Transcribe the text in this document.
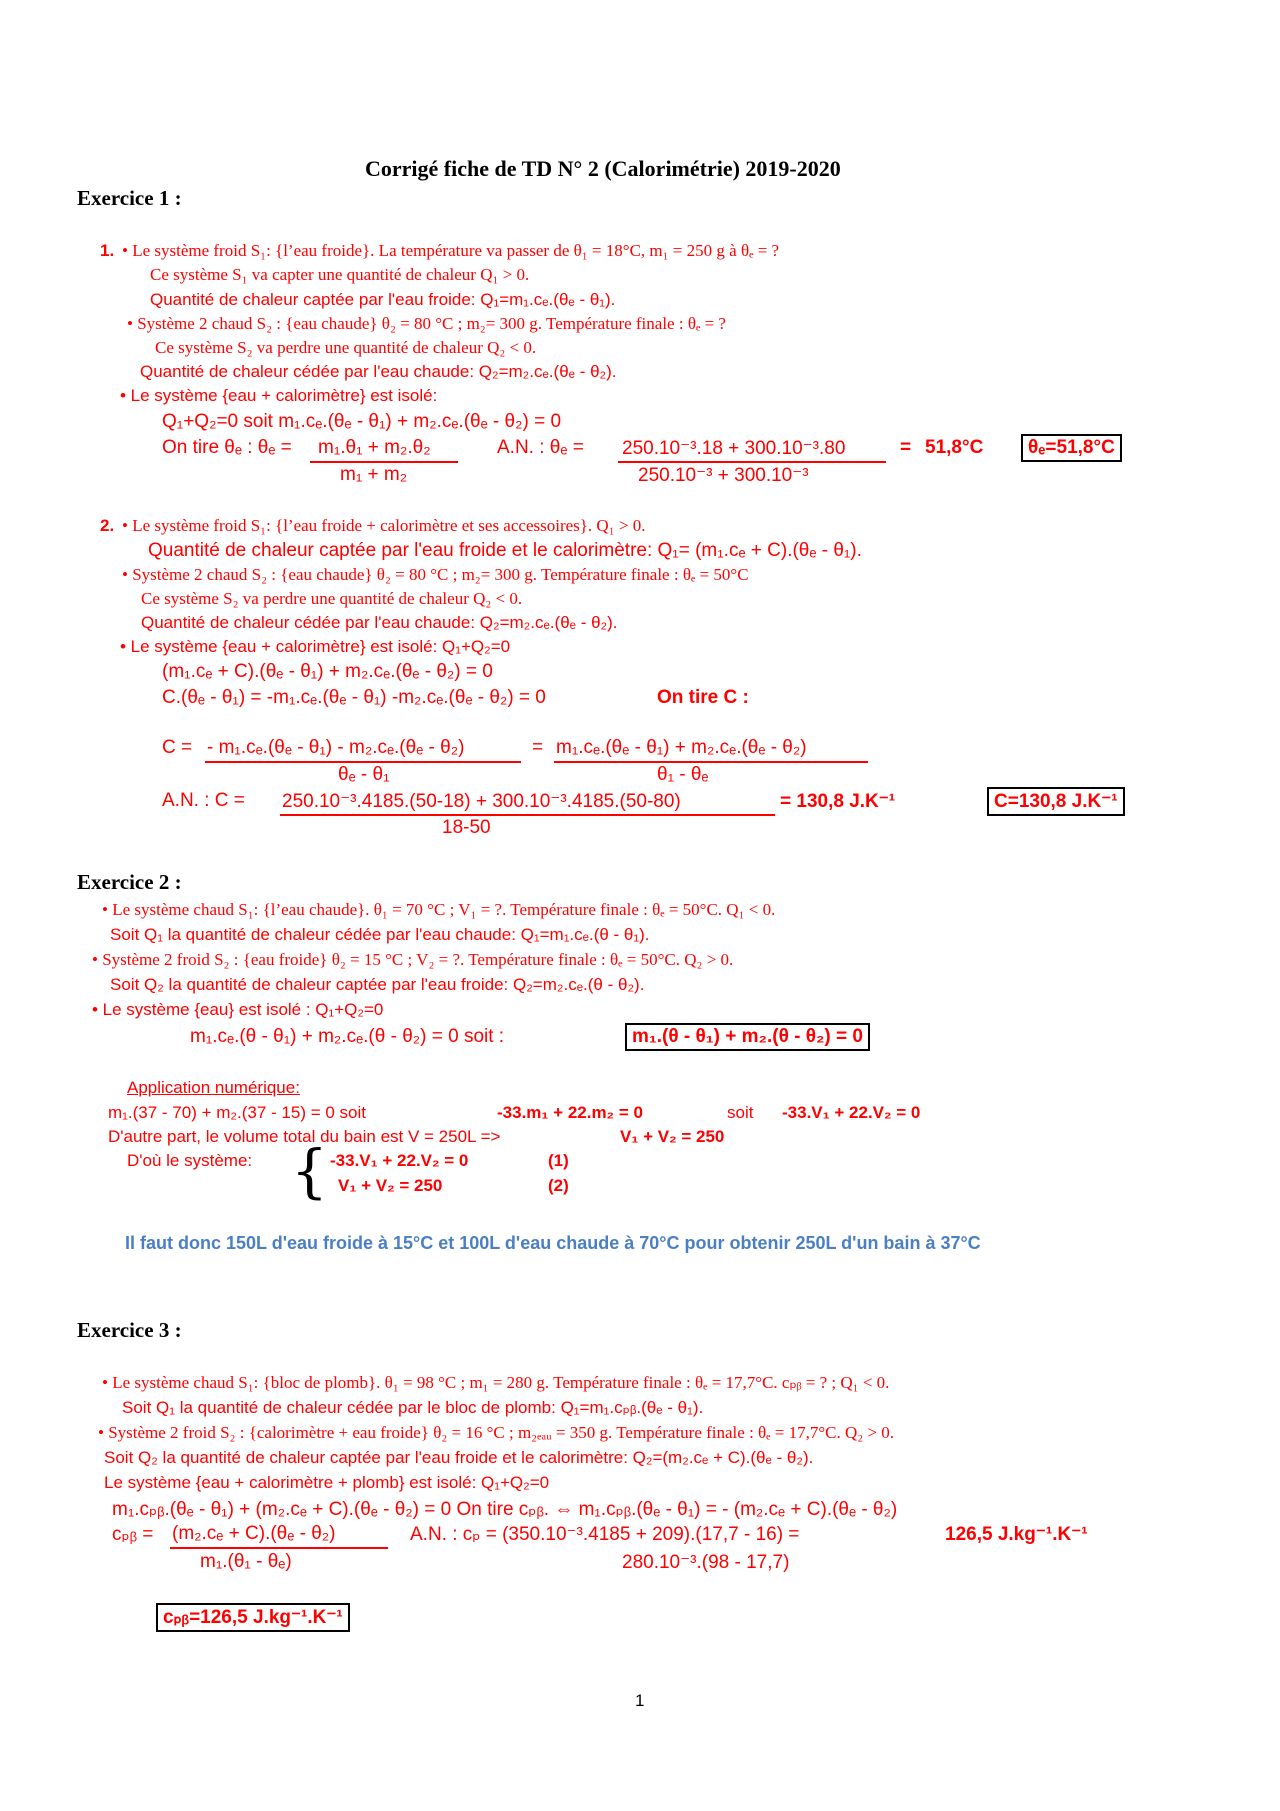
Corrigé fiche de TD N° 2 (Calorimétrie) 2019-2020
Exercice 1 :
1. • Le système froid S₁: {l’eau froide}. La température va passer de θ₁ = 18°C, m₁ = 250 g à θₑ = ?
Ce système S₁ va capter une quantité de chaleur Q₁ > 0.
Quantité de chaleur captée par l'eau froide: Q₁=m₁.cₑ.(θₑ - θ₁).
• Système 2 chaud S₂ : {eau chaude} θ₂ = 80 °C ; m₂= 300 g. Température finale : θₑ = ?
Ce système S₂ va perdre une quantité de chaleur Q₂ < 0.
Quantité de chaleur cédée par l'eau chaude: Q₂=m₂.cₑ.(θₑ - θ₂).
• Le système {eau + calorimètre} est isolé:
Q₁+Q₂=0 soit m₁.cₑ.(θₑ - θ₁) + m₂.cₑ.(θₑ - θ₂) = 0
On tire θₑ : θₑ = m₁.θ₁ + m₂.θ₂
m₁ + m₂
A.N. : θₑ = 250.10⁻³.18 + 300.10⁻³.80
250.10⁻³ + 300.10⁻³
= 51,8°C	θₑ=51,8°C
2. • Le système froid S₁: {l’eau froide + calorimètre et ses accessoires}. Q₁ > 0.
Quantité de chaleur captée par l'eau froide et le calorimètre: Q₁= (m₁.cₑ + C).(θₑ - θ₁).
• Système 2 chaud S₂ : {eau chaude} θ₂ = 80 °C ; m₂= 300 g. Température finale : θₑ = 50°C
Ce système S₂ va perdre une quantité de chaleur Q₂ < 0.
Quantité de chaleur cédée par l'eau chaude: Q₂=m₂.cₑ.(θₑ - θ₂).
• Le système {eau + calorimètre} est isolé: Q₁+Q₂=0
(m₁.cₑ + C).(θₑ - θ₁) + m₂.cₑ.(θₑ - θ₂) = 0
C.(θₑ - θ₁) = -m₁.cₑ.(θₑ - θ₁) -m₂.cₑ.(θₑ - θ₂) = 0	On tire C :
C = - m₁.cₑ.(θₑ - θ₁) - m₂.cₑ.(θₑ - θ₂)
θₑ - θ₁
= m₁.cₑ.(θₑ - θ₁) + m₂.cₑ.(θₑ - θ₂)
θ₁ - θₑ
A.N. : C = 250.10⁻³.4185.(50-18) + 300.10⁻³.4185.(50-80)
18-50
= 130,8 J.K⁻¹	C=130,8 J.K⁻¹
Exercice 2 :
• Le système chaud S₁: {l’eau chaude}. θ₁ = 70 °C ; V₁ = ?. Température finale : θₑ = 50°C. Q₁ < 0.
Soit Q₁ la quantité de chaleur cédée par l'eau chaude: Q₁=m₁.cₑ.(θ - θ₁).
• Système 2 froid S₂ : {eau froide} θ₂ = 15 °C ; V₂ = ?. Température finale : θₑ = 50°C. Q₂ > 0.
Soit Q₂ la quantité de chaleur captée par l'eau froide: Q₂=m₂.cₑ.(θ - θ₂).
• Le système {eau} est isolé : Q₁+Q₂=0
m₁.cₑ.(θ - θ₁) + m₂.cₑ.(θ - θ₂) = 0 soit :	m₁.(θ - θ₁) + m₂.(θ - θ₂) = 0
Application numérique:
m₁.(37 - 70) + m₂.(37 - 15) = 0 soit	-33.m₁ + 22.m₂ = 0	soit -33.V₁ + 22.V₂ = 0
D'autre part, le volume total du bain est V = 250L =>	V₁ + V₂ = 250
D'où le système: { -33.V₁ + 22.V₂ = 0	(1)
V₁ + V₂ = 250	(2)
Il faut donc 150L d'eau froide à 15°C et 100L d'eau chaude à 70°C pour obtenir 250L d'un bain à 37°C
Exercice 3 :
• Le système chaud S₁: {bloc de plomb}. θ₁ = 98 °C ; m₁ = 280 g. Température finale : θₑ = 17,7°C. cₚᵦ = ? ; Q₁ < 0.
Soit Q₁ la quantité de chaleur cédée par le bloc de plomb: Q₁=m₁.cₚᵦ.(θₑ - θ₁).
• Système 2 froid S₂ : {calorimètre + eau froide} θ₂ = 16 °C ; m₂ₑₐᵤ = 350 g. Température finale : θₑ = 17,7°C. Q₂ > 0.
Soit Q₂ la quantité de chaleur captée par l'eau froide et le calorimètre: Q₂=(m₂.cₑ + C).(θₑ - θ₂).
Le système {eau + calorimètre + plomb} est isolé: Q₁+Q₂=0
m₁.cₚᵦ.(θₑ - θ₁) + (m₂.cₑ + C).(θₑ - θ₂) = 0 On tire cₚᵦ. ⇔ m₁.cₚᵦ.(θₑ - θ₁) = - (m₂.cₑ + C).(θₑ - θ₂)
cₚᵦ = (m₂.cₑ + C).(θₑ - θ₂)
m₁.(θ₁ - θₑ)
A.N. : cₚ = (350.10⁻³.4185 + 209).(17,7 - 16) =	126,5 J.kg⁻¹.K⁻¹
280.10⁻³.(98 - 17,7)
cₚᵦ=126,5 J.kg⁻¹.K⁻¹
1
